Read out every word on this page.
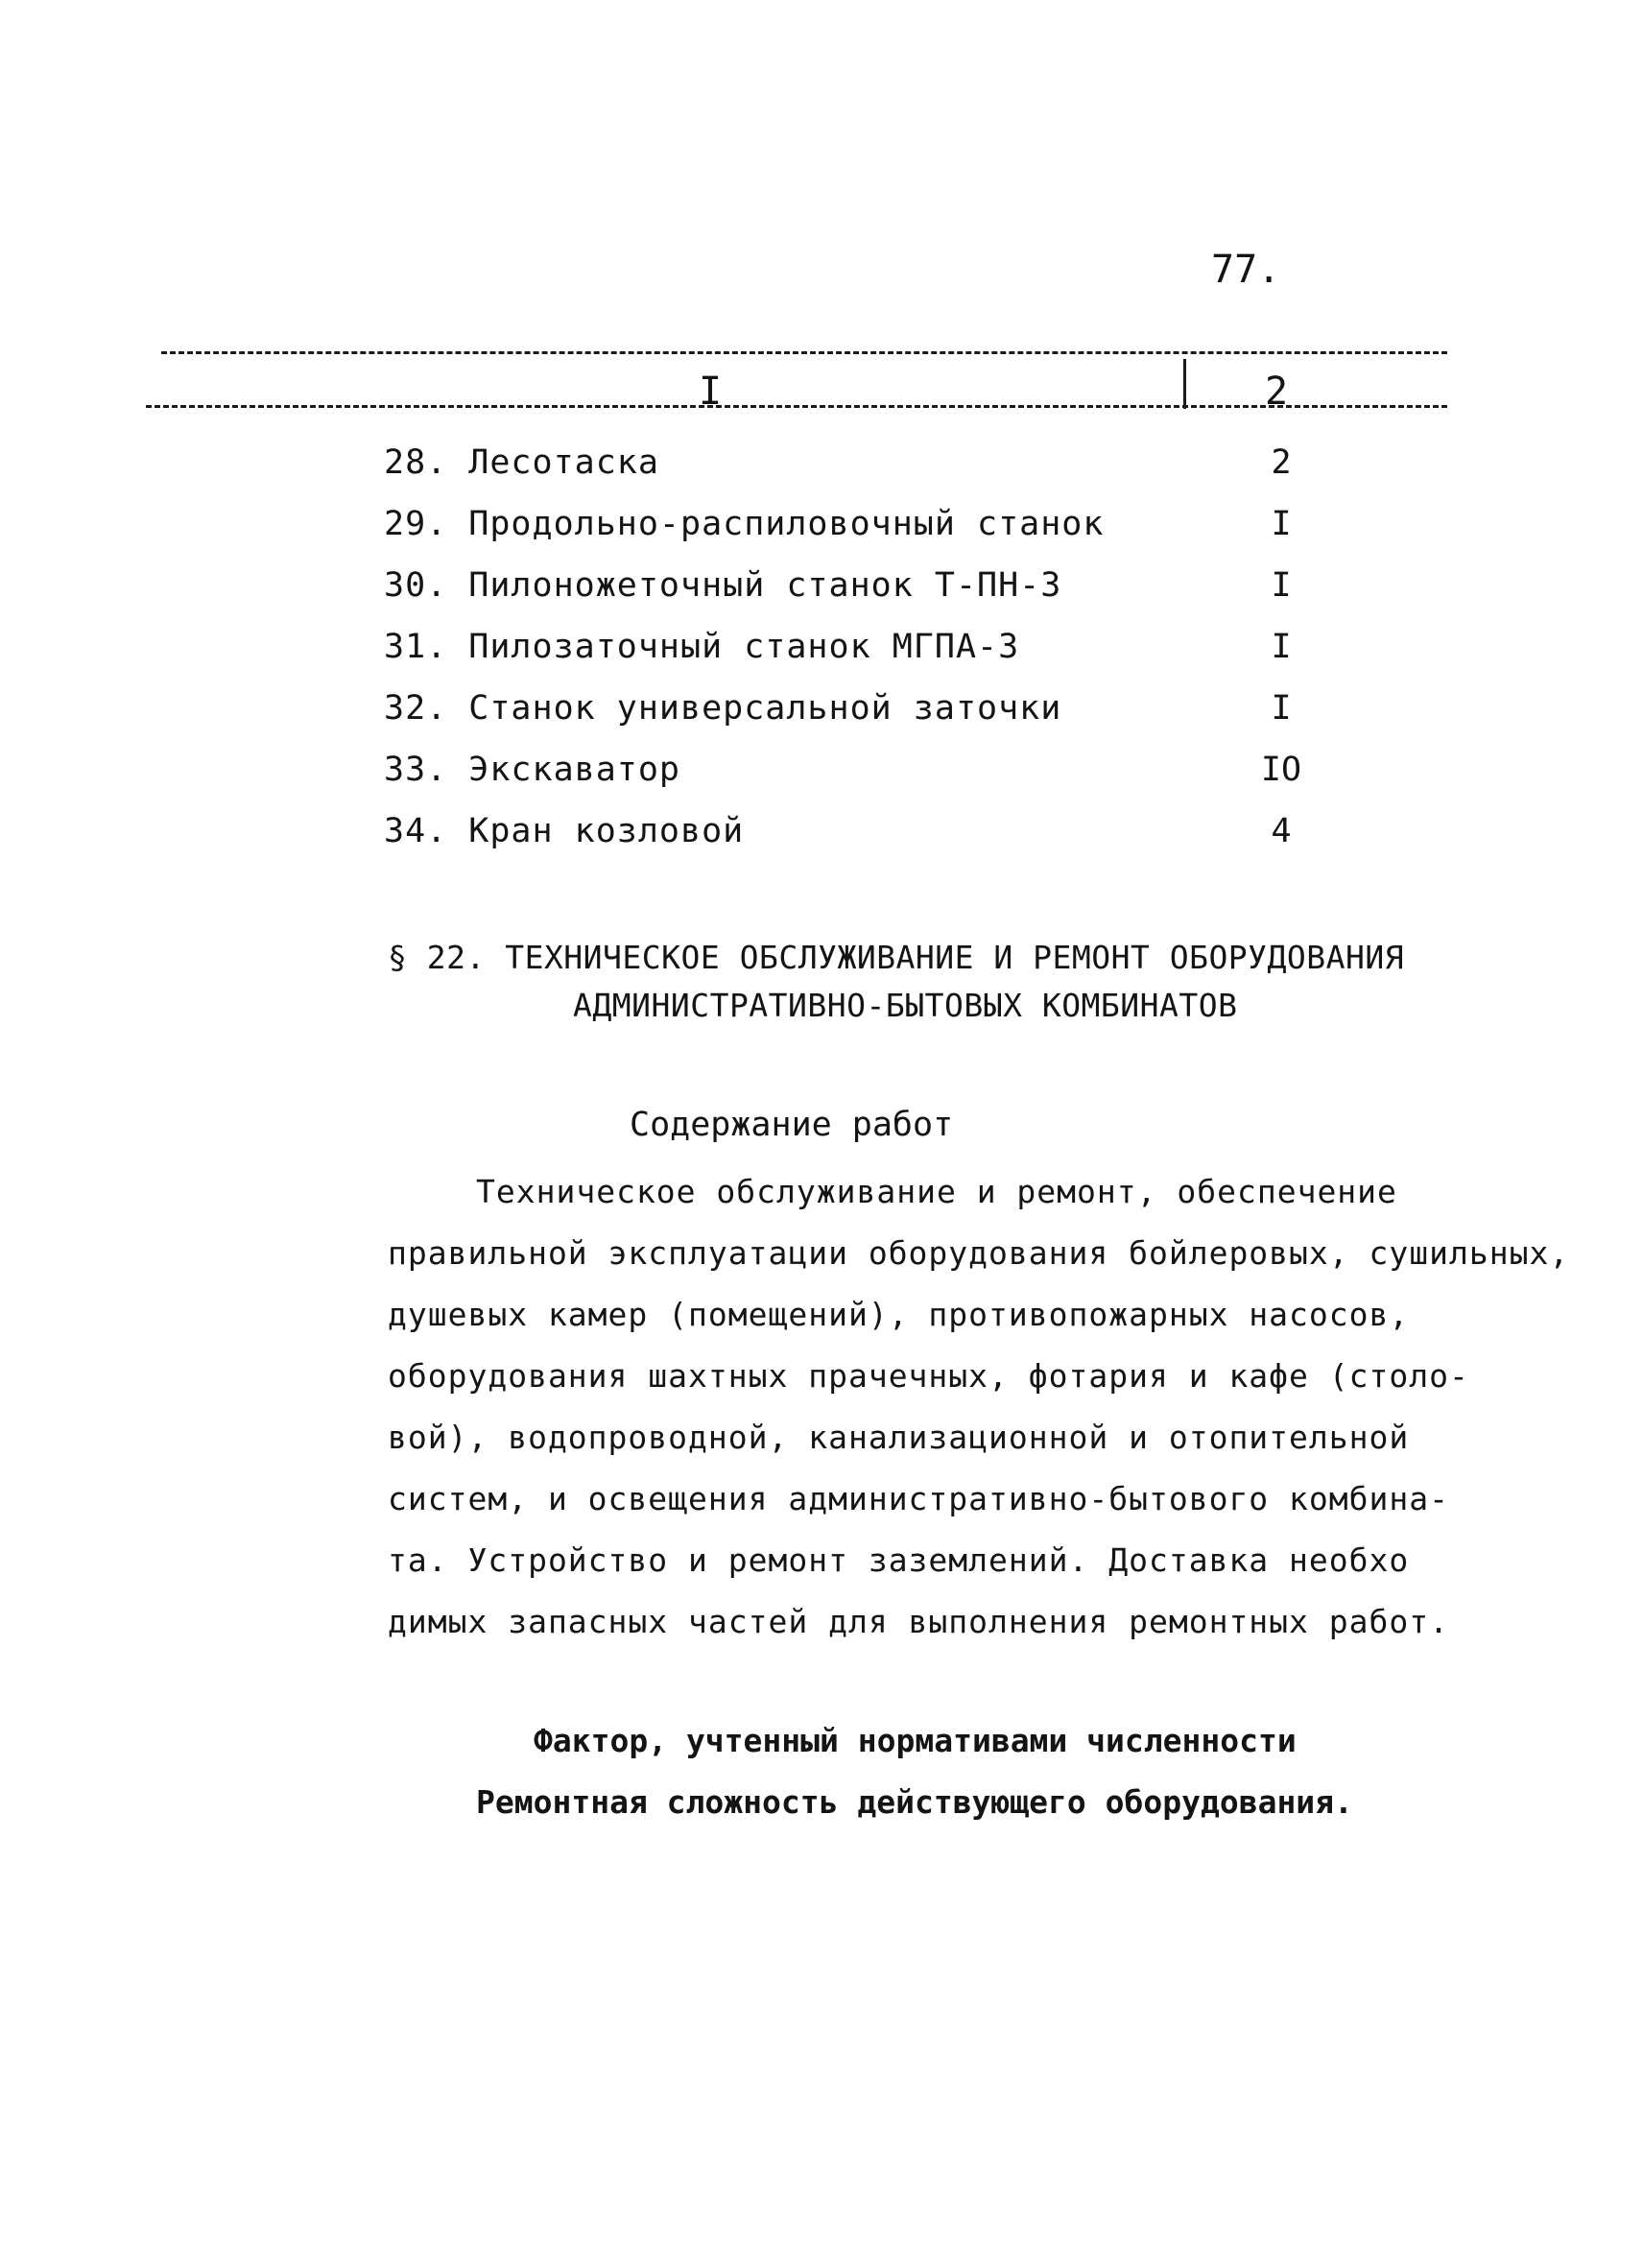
77.
I	2
28. Лесотаска	2
29. Продольно-распиловочный станок	I
30. Пилоножеточный станок Т-ПН-3	I
31. Пилозаточный станок МГПА-3	I
32. Станок универсальной заточки	I
33. Экскаватор	IO
34. Кран козловой	4
§ 22. ТЕХНИЧЕСКОЕ ОБСЛУЖИВАНИЕ И РЕМОНТ ОБОРУДОВАНИЯ
АДМИНИСТРАТИВНО-БЫТОВЫХ КОМБИНАТОВ
Содержание работ
Техническое обслуживание и ремонт, обеспечение
правильной эксплуатации оборудования бойлеровых, сушильных,
душевых камер (помещений), противопожарных насосов,
оборудования шахтных прачечных, фотария и кафе (столо-
вой), водопроводной, канализационной и отопительной
систем, и освещения административно-бытового комбина-
та. Устройство и ремонт заземлений. Доставка необхо
димых запасных частей для выполнения ремонтных работ.
Фактор, учтенный нормативами численности
Ремонтная сложность действующего оборудования.
